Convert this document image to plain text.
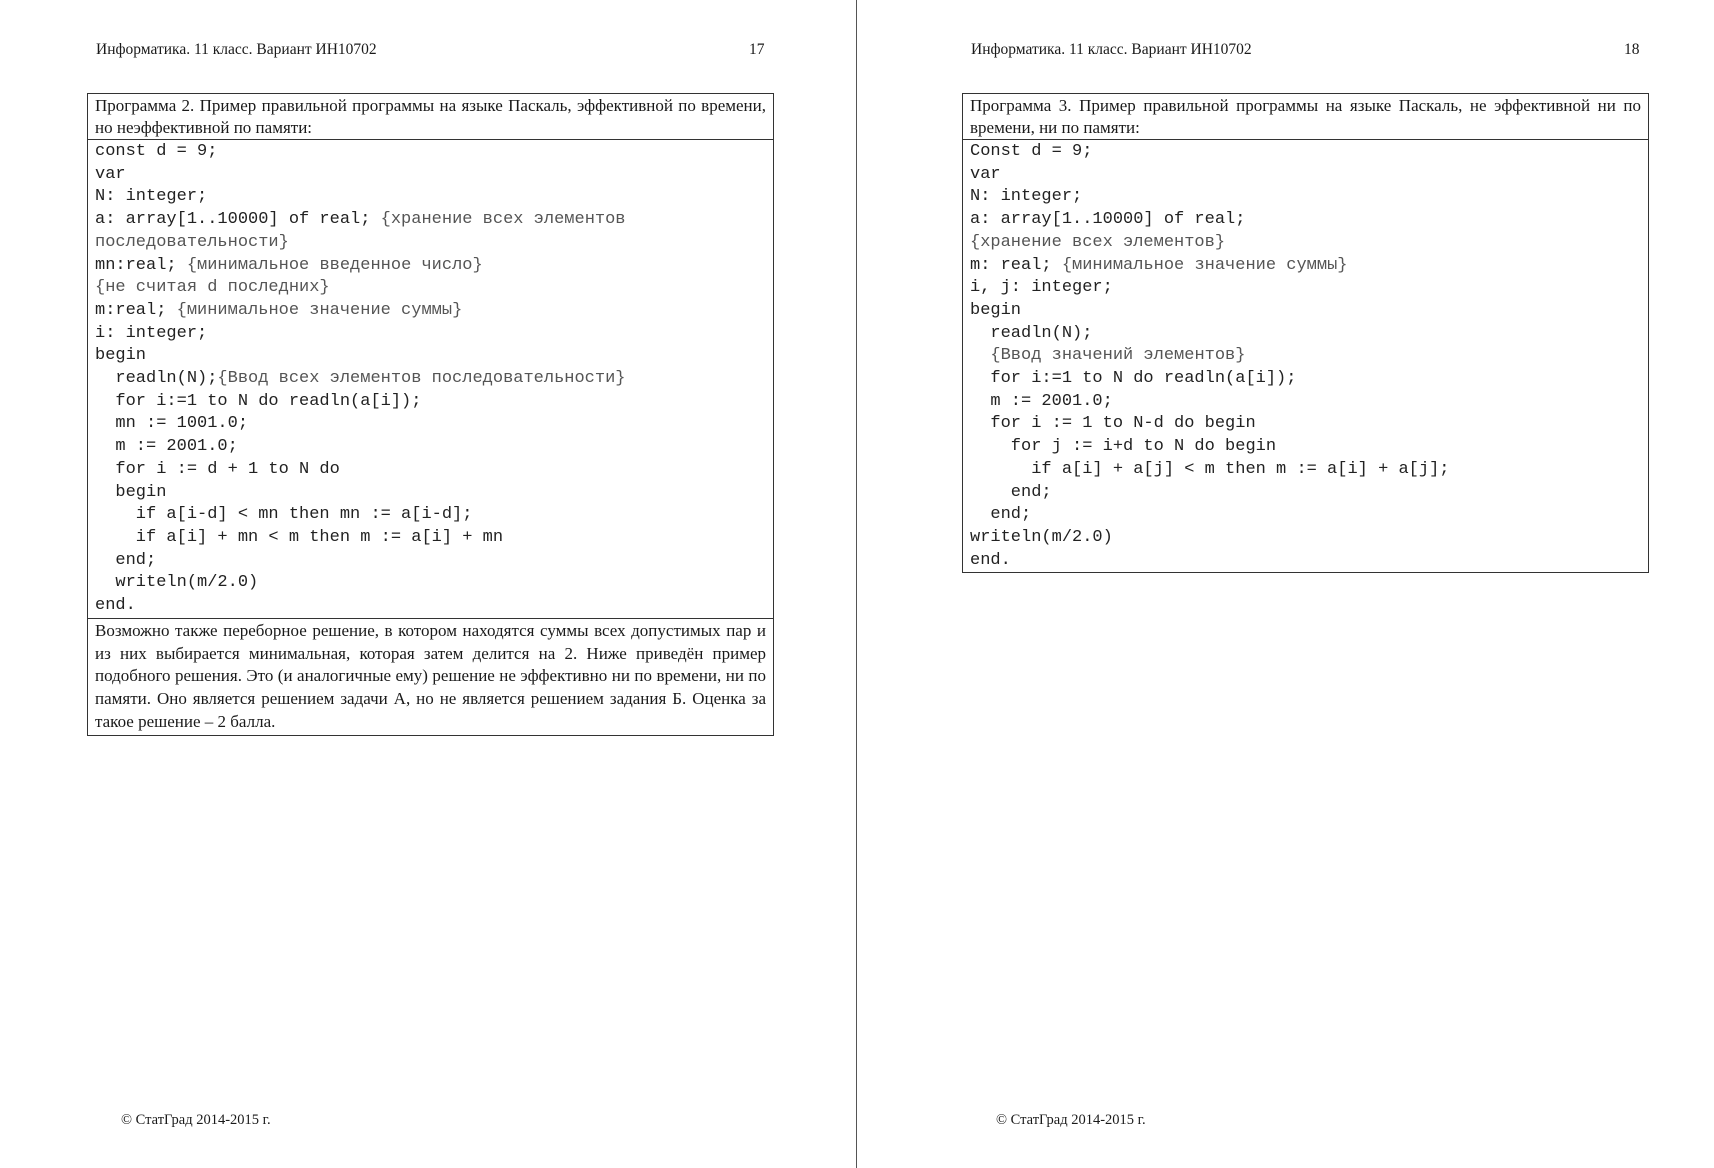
Информатика. 11 класс. Вариант ИН10702	17
Программа 2. Пример правильной программы на языке Паскаль, эффективной по времени, но неэффективной по памяти:
const d = 9;
var
N: integer;
a: array[1..10000] of real; {хранение всех элементов
последовательности}
mn:real; {минимальное введенное число}
{не считая d последних}
m:real; {минимальное значение суммы}
i: integer;
begin
readln(N);{Ввод всех элементов последовательности}
for i:=1 to N do readln(a[i]);
mn := 1001.0;
m := 2001.0;
for i := d + 1 to N do
begin
if a[i-d] < mn then mn := a[i-d];
if a[i] + mn < m then m := a[i] + mn
end;
writeln(m/2.0)
end.
Возможно также переборное решение, в котором находятся суммы всех допустимых пар и из них выбирается минимальная, которая затем делится на 2. Ниже приведён пример подобного решения. Это (и аналогичные ему) решение не эффективно ни по времени, ни по памяти. Оно является решением задачи А, но не является решением задания Б. Оценка за такое решение – 2 балла.
© СтатГрад 2014-2015 г.
Информатика. 11 класс. Вариант ИН10702	18
Программа 3. Пример правильной программы на языке Паскаль, не эффективной ни по времени, ни по памяти:
Const d = 9;
var
N: integer;
a: array[1..10000] of real;
{хранение всех элементов}
m: real; {минимальное значение суммы}
i, j: integer;
begin
readln(N);
{Ввод значений элементов}
for i:=1 to N do readln(a[i]);
m := 2001.0;
for i := 1 to N-d do begin
for j := i+d to N do begin
if a[i] + a[j] < m then m := a[i] + a[j];
end;
end;
writeln(m/2.0)
end.
© СтатГрад 2014-2015 г.
